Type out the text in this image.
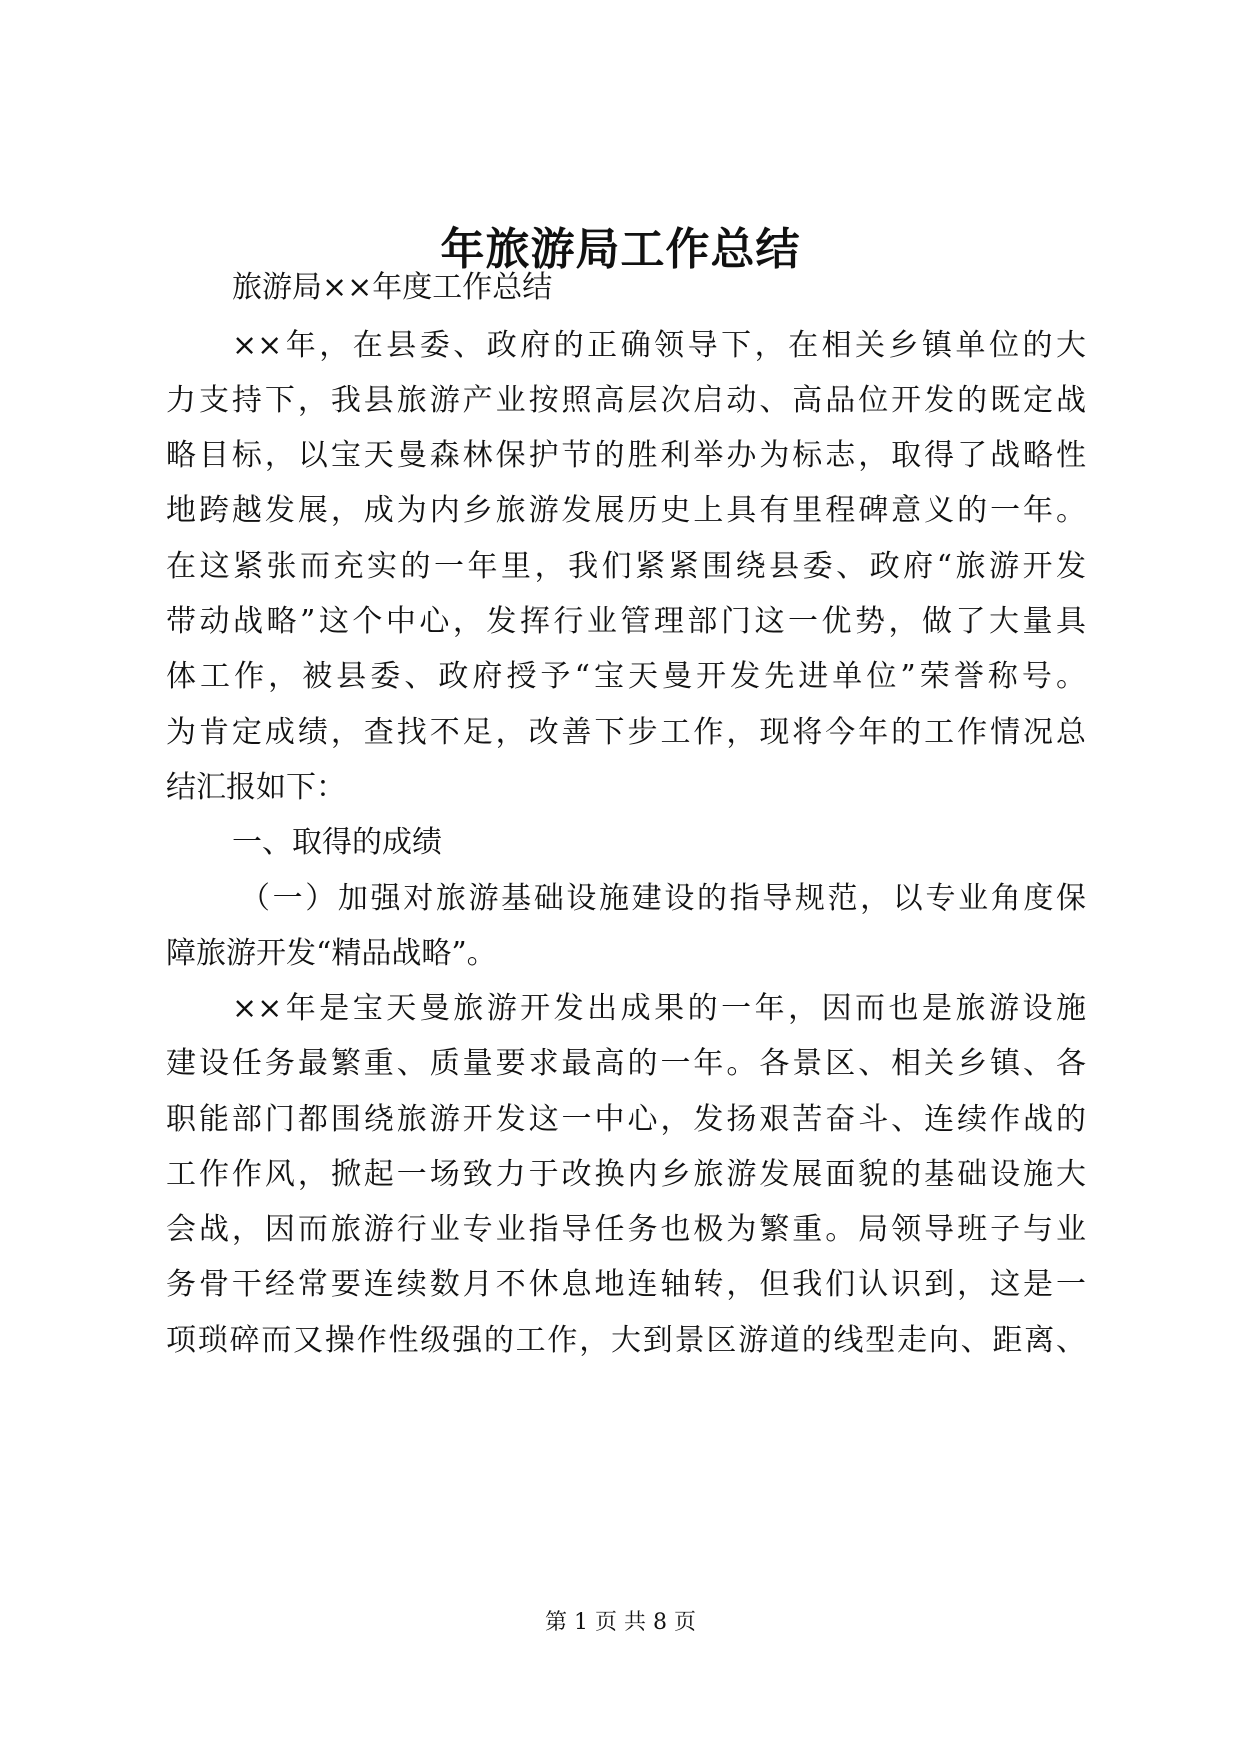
年旅游局工作总结

旅游局××年度工作总结

××年，在县委、政府的正确领导下，在相关乡镇单位的大

力支持下，我县旅游产业按照高层次启动、高品位开发的既定战

略目标，以宝天曼森林保护节的胜利举办为标志，取得了战略性

地跨越发展，成为内乡旅游发展历史上具有里程碑意义的一年。

在这紧张而充实的一年里，我们紧紧围绕县委、政府“旅游开发

带动战略”这个中心，发挥行业管理部门这一优势，做了大量具

体工作，被县委、政府授予“宝天曼开发先进单位”荣誉称号。

为肯定成绩，查找不足，改善下步工作，现将今年的工作情况总

结汇报如下：

一、取得的成绩

（一）加强对旅游基础设施建设的指导规范，以专业角度保

障旅游开发“精品战略”。

××年是宝天曼旅游开发出成果的一年，因而也是旅游设施

建设任务最繁重、质量要求最高的一年。各景区、相关乡镇、各

职能部门都围绕旅游开发这一中心，发扬艰苦奋斗、连续作战的

工作作风，掀起一场致力于改换内乡旅游发展面貌的基础设施大

会战，因而旅游行业专业指导任务也极为繁重。局领导班子与业

务骨干经常要连续数月不休息地连轴转，但我们认识到，这是一

项琐碎而又操作性级强的工作，大到景区游道的线型走向、距离、

第 1 页 共 8 页
